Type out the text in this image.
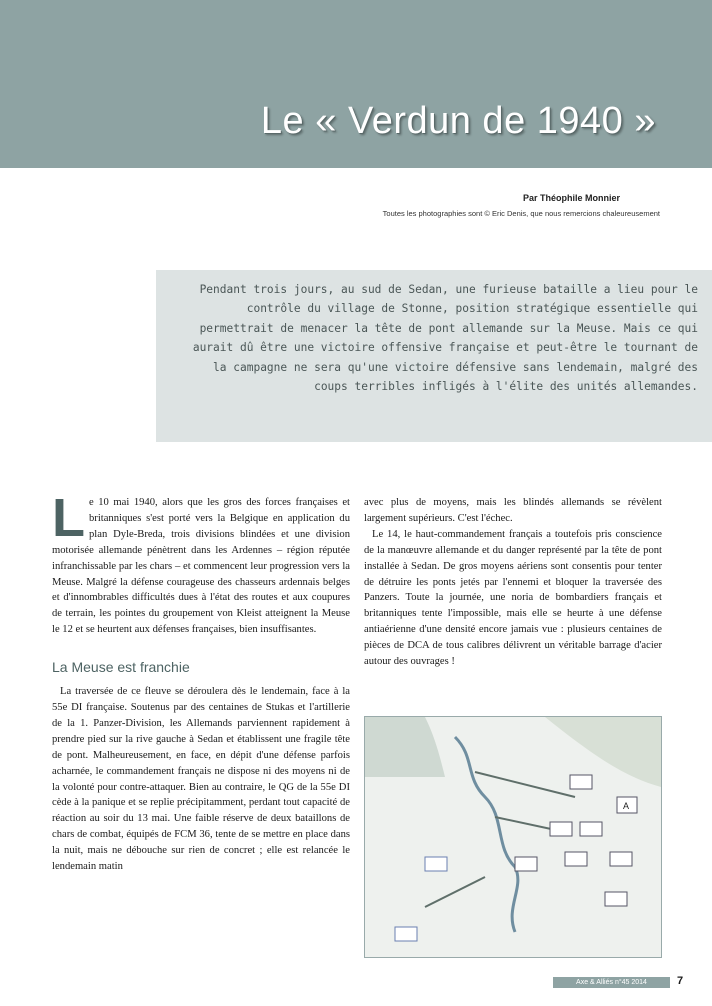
Le « Verdun de 1940 »
Par Théophile Monnier
Toutes les photographies sont © Eric Denis, que nous remercions chaleureusement

Pendant trois jours, au sud de Sedan, une furieuse bataille a lieu pour le contrôle du village de Stonne, position stratégique essentielle qui permettrait de menacer la tête de pont allemande sur la Meuse. Mais ce qui aurait dû être une victoire offensive française et peut-être le tournant de la campagne ne sera qu'une victoire défensive sans lendemain, malgré des coups terribles infligés à l'élite des unités allemandes.

Le 10 mai 1940, alors que les gros des forces françaises et britanniques s'est porté vers la Belgique en application du plan Dyle-Breda, trois divisions blindées et une division motorisée allemande pénètrent dans les Ardennes – région réputée infranchissable par les chars – et commencent leur progression vers la Meuse. Malgré la défense courageuse des chasseurs ardennais belges et d'innombrables difficultés dues à l'état des routes et aux coupures de terrain, les pointes du groupement von Kleist atteignent la Meuse le 12 et se heurtent aux défenses françaises, bien insuffisantes.

La Meuse est franchie

La traversée de ce fleuve se déroulera dès le lendemain, face à la 55e DI française. Soutenus par des centaines de Stukas et l'artillerie de la 1. Panzer-Division, les Allemands parviennent rapidement à prendre pied sur la rive gauche à Sedan et établissent une fragile tête de pont. Malheureusement, en face, en dépit d'une défense parfois acharnée, le commandement français ne dispose ni des moyens ni de la volonté pour contre-attaquer. Bien au contraire, le QG de la 55e DI cède à la panique et se replie précipitamment, perdant tout capacité de réaction au soir du 13 mai. Une faible réserve de deux bataillons de chars de combat, équipés de FCM 36, tente de se mettre en place dans la nuit, mais ne débouche sur rien de concret ; elle est relancée le lendemain matin

avec plus de moyens, mais les blindés allemands se révèlent largement supérieurs. C'est l'échec.

Le 14, le haut-commandement français a toutefois pris conscience de la manœuvre allemande et du danger représenté par la tête de pont installée à Sedan. De gros moyens aériens sont consentis pour tenter de détruire les ponts jetés par l'ennemi et bloquer la traversée des Panzers. Toute la journée, une noria de bombardiers français et britanniques tente l'impossible, mais elle se heurte à une défense antiaérienne d'une densité encore jamais vue : plusieurs centaines de pièces de DCA de tous calibres délivrent un véritable barrage d'acier autour des ouvrages !

A
Axe & Alliés n°45 2014	7
